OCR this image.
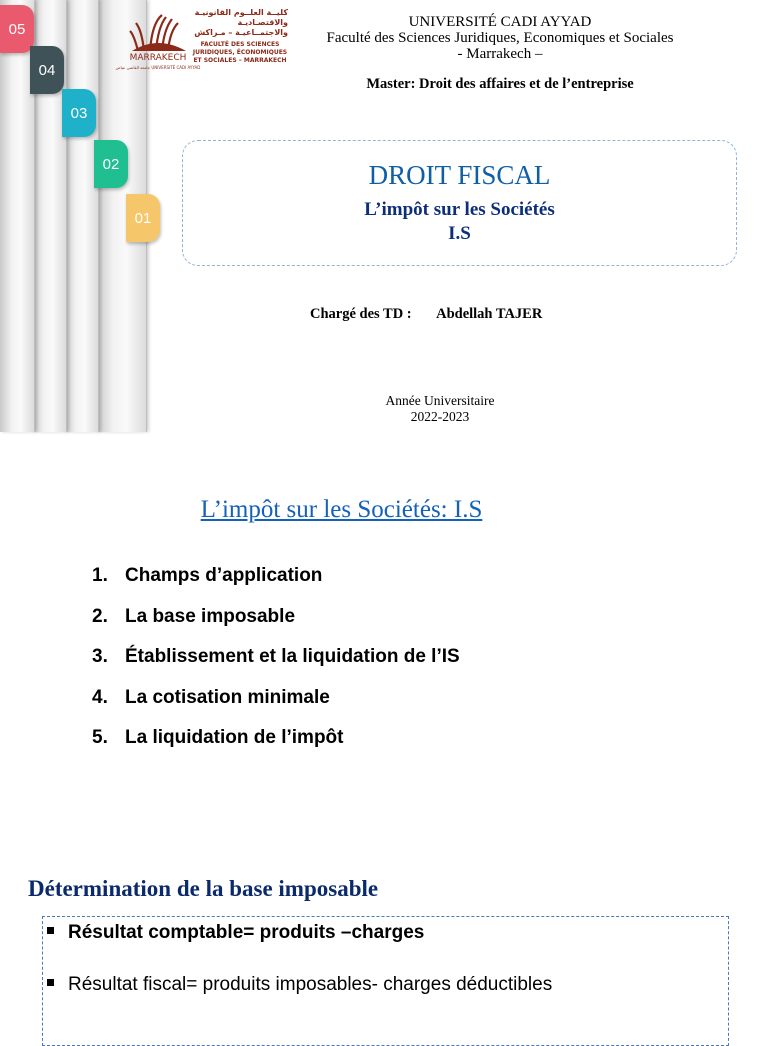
05
04
03
02
01
MARRAKECH
جامعة القاضي عياض UNIVERSITÉ CADI AYYAD
كليــة العلــوم القانونيـة والاقتصـاديـة والاجتمــاعيـة – مـراكش
FACULTÉ DES SCIENCES JURIDIQUES, ÉCONOMIQUES ET SOCIALES – MARRAKECH
UNIVERSITÉ CADI AYYAD
Faculté des Sciences Juridiques, Economiques et Sociales
- Marrakech –
Master: Droit des affaires et de l’entreprise
DROIT FISCAL
L’impôt sur les Sociétés
I.S
Chargé des TD : Abdellah TAJER
Année Universitaire
2022-2023
L’impôt sur les Sociétés: I.S
1. Champs d’application
2. La base imposable
3. Établissement et la liquidation de l’IS
4. La cotisation minimale
5. La liquidation de l’impôt
Détermination de la base imposable
Résultat comptable= produits –charges
Résultat fiscal= produits imposables- charges déductibles
